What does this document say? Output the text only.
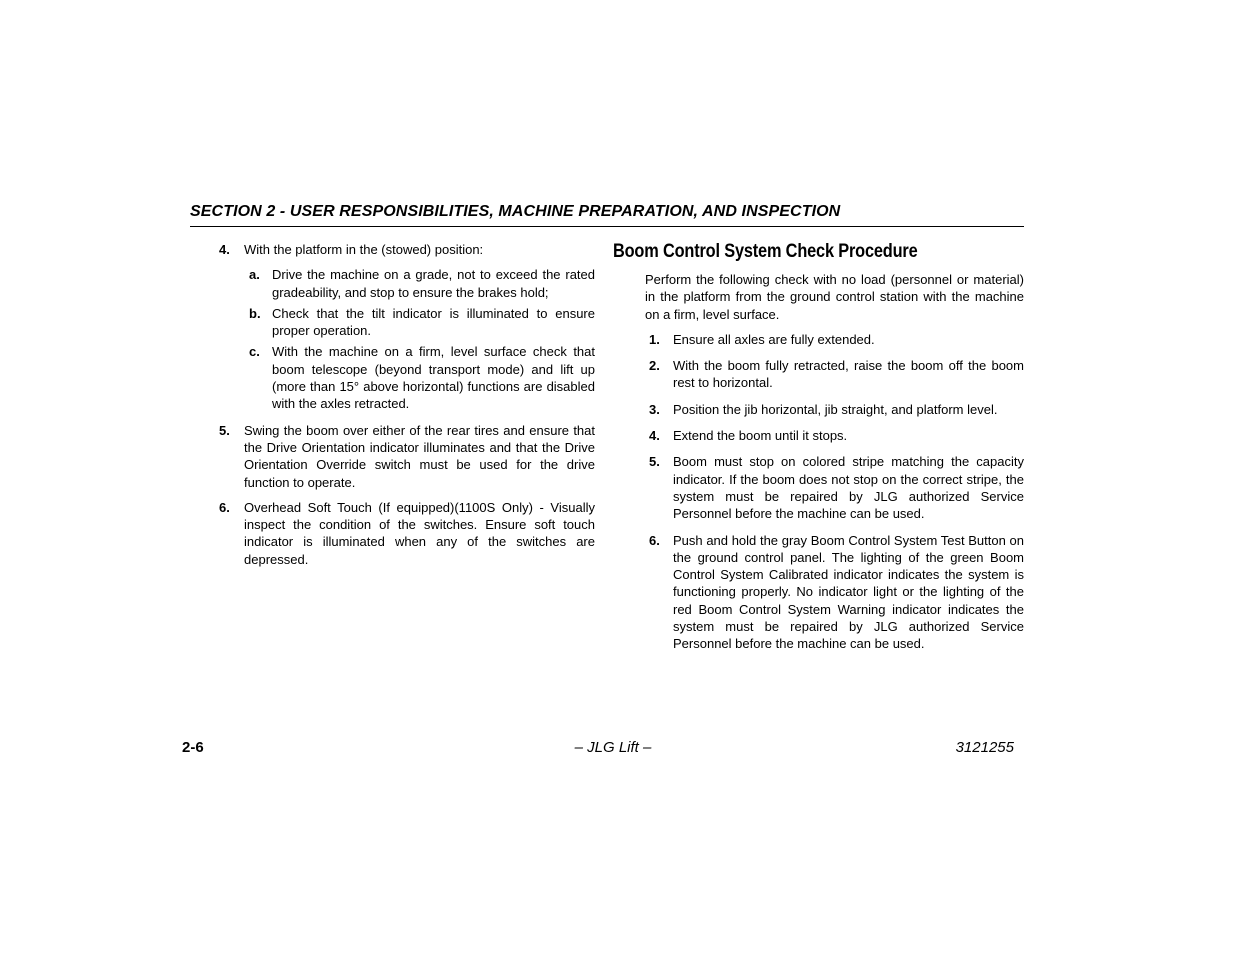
SECTION 2 - USER RESPONSIBILITIES, MACHINE PREPARATION, AND INSPECTION
4. With the platform in the (stowed) position:
a. Drive the machine on a grade, not to exceed the rated gradeability, and stop to ensure the brakes hold;
b. Check that the tilt indicator is illuminated to ensure proper operation.
c. With the machine on a firm, level surface check that boom telescope (beyond transport mode) and lift up (more than 15° above horizontal) functions are disabled with the axles retracted.
5. Swing the boom over either of the rear tires and ensure that the Drive Orientation indicator illuminates and that the Drive Orientation Override switch must be used for the drive function to operate.
6. Overhead Soft Touch (If equipped)(1100S Only) - Visually inspect the condition of the switches. Ensure soft touch indicator is illuminated when any of the switches are depressed.
Boom Control System Check Procedure
Perform the following check with no load (personnel or material) in the platform from the ground control station with the machine on a firm, level surface.
1. Ensure all axles are fully extended.
2. With the boom fully retracted, raise the boom off the boom rest to horizontal.
3. Position the jib horizontal, jib straight, and platform level.
4. Extend the boom until it stops.
5. Boom must stop on colored stripe matching the capacity indicator. If the boom does not stop on the correct stripe, the system must be repaired by JLG authorized Service Personnel before the machine can be used.
6. Push and hold the gray Boom Control System Test Button on the ground control panel. The lighting of the green Boom Control System Calibrated indicator indicates the system is functioning properly. No indicator light or the lighting of the red Boom Control System Warning indicator indicates the system must be repaired by JLG authorized Service Personnel before the machine can be used.
2-6	– JLG Lift –	3121255
